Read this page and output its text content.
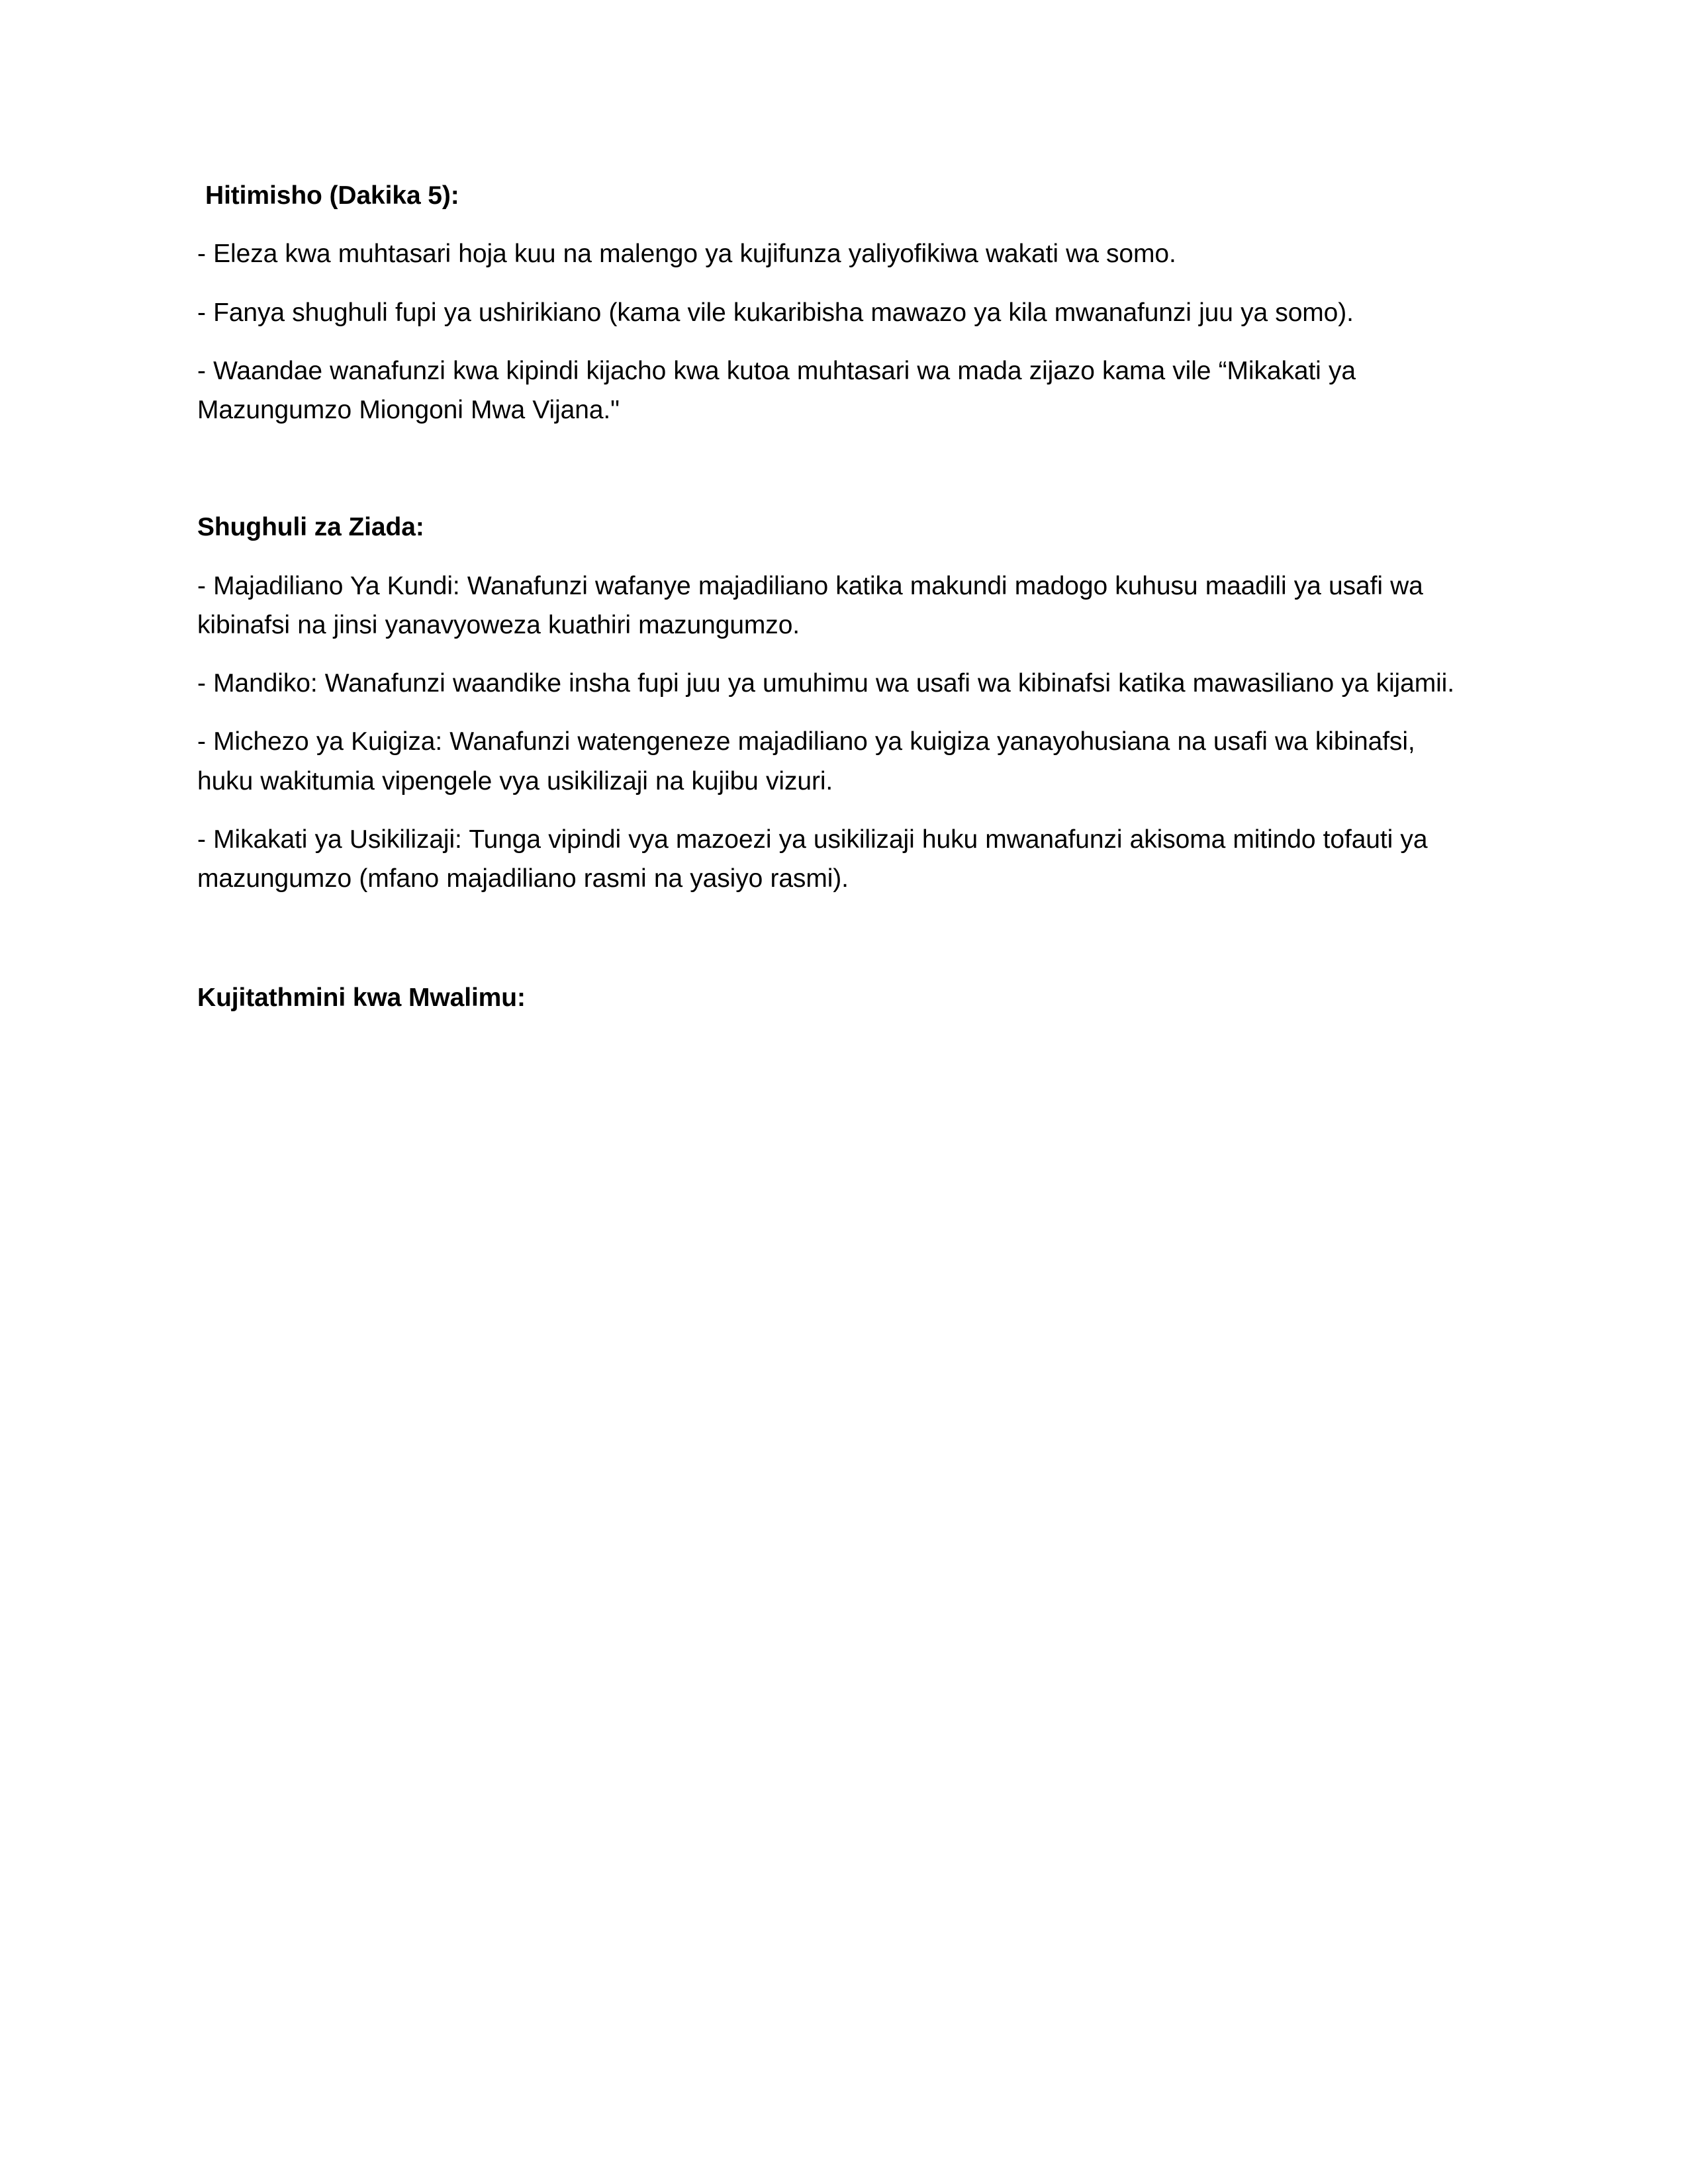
Hitimisho (Dakika 5):

- Eleza kwa muhtasari hoja kuu na malengo ya kujifunza yaliyofikiwa wakati wa somo.

- Fanya shughuli fupi ya ushirikiano (kama vile kukaribisha mawazo ya kila mwanafunzi juu ya somo).

- Waandae wanafunzi kwa kipindi kijacho kwa kutoa muhtasari wa mada zijazo kama vile “Mikakati ya Mazungumzo Miongoni Mwa Vijana."

Shughuli za Ziada:

- Majadiliano Ya Kundi: Wanafunzi wafanye majadiliano katika makundi madogo kuhusu maadili ya usafi wa kibinafsi na jinsi yanavyoweza kuathiri mazungumzo.

- Mandiko: Wanafunzi waandike insha fupi juu ya umuhimu wa usafi wa kibinafsi katika mawasiliano ya kijamii.

- Michezo ya Kuigiza: Wanafunzi watengeneze majadiliano ya kuigiza yanayohusiana na usafi wa kibinafsi, huku wakitumia vipengele vya usikilizaji na kujibu vizuri.

- Mikakati ya Usikilizaji: Tunga vipindi vya mazoezi ya usikilizaji huku mwanafunzi akisoma mitindo tofauti ya mazungumzo (mfano majadiliano rasmi na yasiyo rasmi).

Kujitathmini kwa Mwalimu:
